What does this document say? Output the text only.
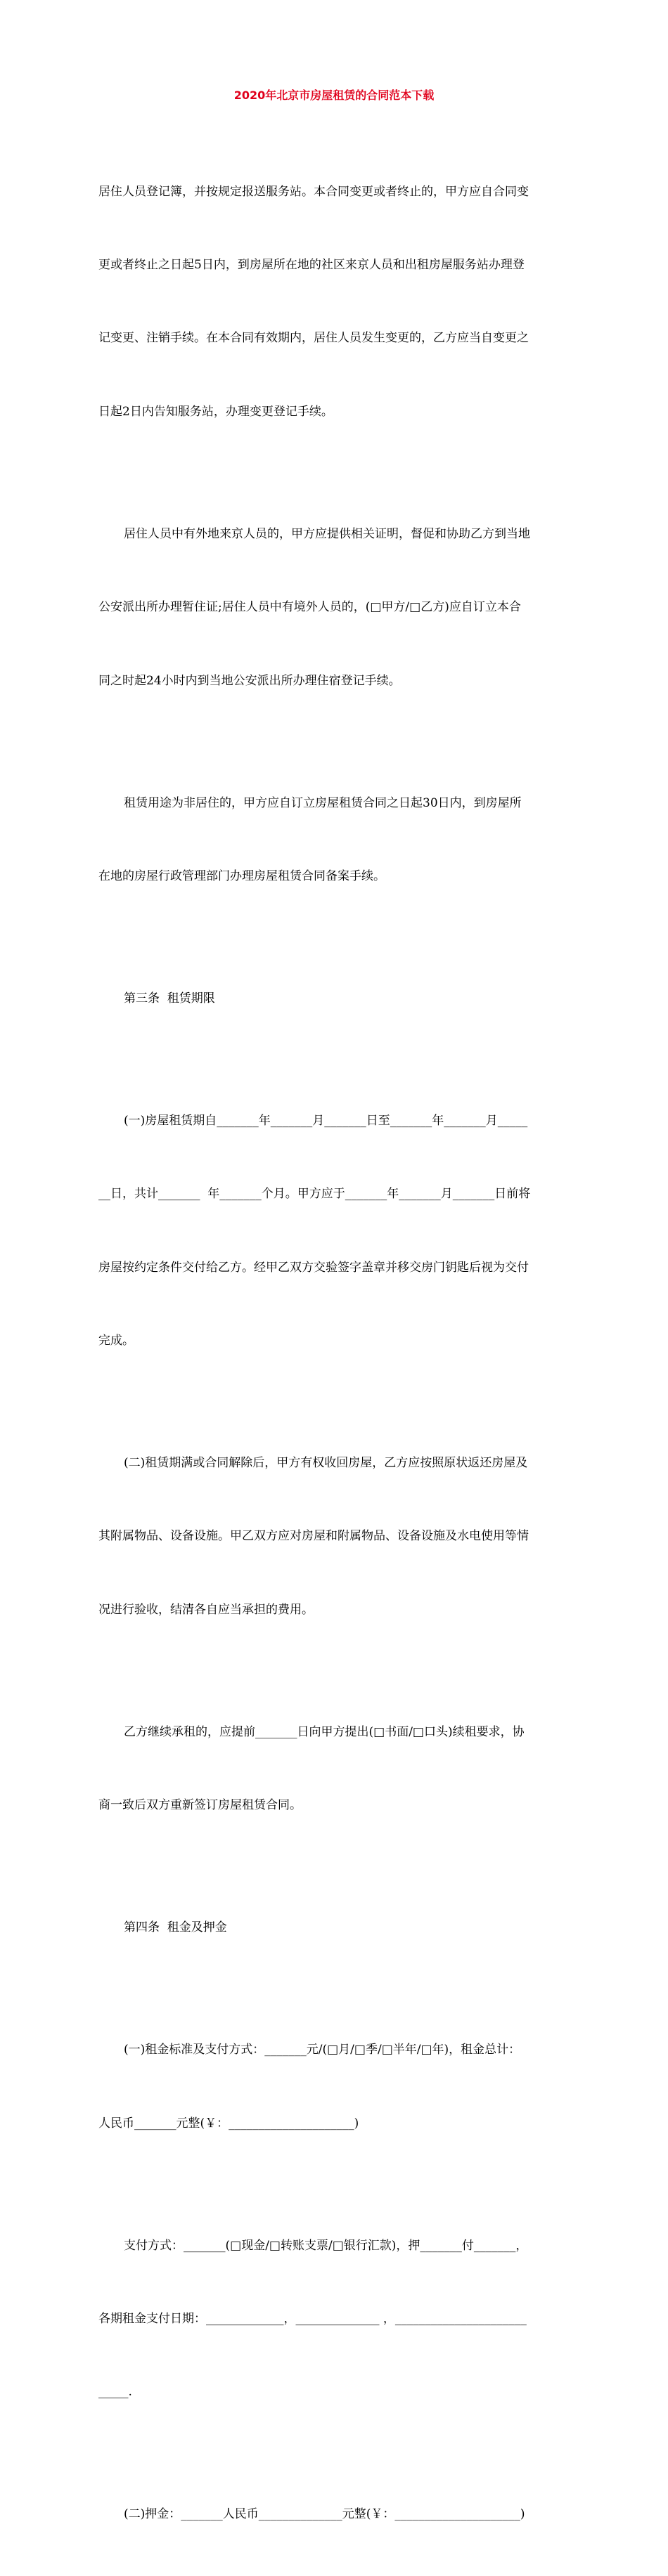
2020年北京市房屋租赁的合同范本下载

居住人员登记簿，并按规定报送服务站。本合同变更或者终止的，甲方应自合同变

更或者终止之日起5日内，到房屋所在地的社区来京人员和出租房屋服务站办理登

记变更、注销手续。在本合同有效期内，居住人员发生变更的，乙方应当自变更之

日起2日内告知服务站，办理变更登记手续。

居住人员中有外地来京人员的，甲方应提供相关证明，督促和协助乙方到当地

公安派出所办理暂住证;居住人员中有境外人员的，(□甲方/□乙方)应自订立本合

同之时起24小时内到当地公安派出所办理住宿登记手续。

租赁用途为非居住的，甲方应自订立房屋租赁合同之日起30日内，到房屋所

在地的房屋行政管理部门办理房屋租赁合同备案手续。

第三条  租赁期限

(一)房屋租赁期自_______年_______月_______日至_______年_______月_____

__日，共计_______  年_______个月。甲方应于_______年_______月_______日前将

房屋按约定条件交付给乙方。经甲乙双方交验签字盖章并移交房门钥匙后视为交付

完成。

(二)租赁期满或合同解除后，甲方有权收回房屋，乙方应按照原状返还房屋及

其附属物品、设备设施。甲乙双方应对房屋和附属物品、设备设施及水电使用等情

况进行验收，结清各自应当承担的费用。

乙方继续承租的，应提前_______日向甲方提出(□书面/□口头)续租要求，协

商一致后双方重新签订房屋租赁合同。

第四条  租金及押金

(一)租金标准及支付方式：_______元/(□月/□季/□半年/□年)，租金总计：

人民币_______元整(￥：_____________________)

支付方式：_______(□现金/□转账支票/□银行汇款)，押_______付_______，

各期租金支付日期：_____________，______________ ，______________________

_____.

(二)押金：_______人民币______________元整(￥：_____________________)
